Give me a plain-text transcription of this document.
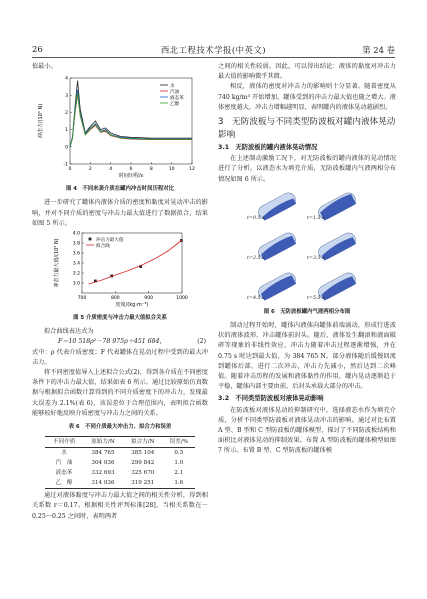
26	西北工程技术学报(中英文)	第 24 卷

值最小。

0	2	4	6	8	10	12
-1
0
1
2
3
4
时间历程/s
冲击力/(10⁵ N)
水
汽油
液态苯
乙醇
图 4　不同来袭介质在罐内冲击时间历程对比

进一步研究了罐体内液体介质的密度和黏度对晃动冲击的影响，并对不同介质的密度与冲击力最大值进行了数据拟合，结果如图 5 所示。

700	800	900	1000
3.0
3.2
3.4
3.6
3.8
4.0
密度/(kg·m⁻³)
冲击力最大值/(10⁵ N)	冲击力最大值
拟合线
图 5 介质密度与冲击力最大值拟合关系

拟合曲线表达式为

F＝10 518ρ²－78 975ρ＋451 684，	(2)

式中：ρ 代表介质密度；F 代表罐体在晃动过程中受到的最大冲击力。

将不同密度值导入上述拟合公式(2)，得到各介质在不同密度条件下的冲击力最大值，结果如表 6 所示。通过比较原始仿真数据与根据拟合函数计算得到的不同介质密度下的冲击力，发现最大误差为 2.1%(表 6)，该误差位于合理范围内，表明拟合函数能够较好地反映介质密度与冲击力之间的关系。

表 6　不同介质最大冲击力、拟合力和误差
不同介质	原始力/N	拟合力/N	误差/%
水	384 765	385 104	0.5
汽　油	304 036	299 842	1.0
液态苯	332 693	325 670	2.1
乙　醇	314 036	319 251	1.6

通过对液体黏度与冲击力最大值之间的相关性分析，得到相关系数 r＝0.17。根据相关性评判标准[28]，当相关系数在－0.25～0.25 之间时，表明两者

之间的相关性较弱。因此，可以得出结论：液体的黏度对冲击力最大值的影响微乎其微。

相反，液体的密度对冲击力的影响则十分显著。随着密度从 740 kg/m³ 开始增加，罐体受到的冲击力最大值也随之增大。液体密度越大，冲击力增幅越明显，表明罐内的液体晃动越剧烈。

3　无防波板与不同类型防波板对罐内液体晃动影响
3.1　无防波板的罐内液体晃动情况

在上述制动激励工况下，对无防波板的罐内液体的晃动情况进行了分析。以液态水为填充介质，无防波板罐内气液两相分布情况如图 6 所示。

t=0.5 s	t=1.5 s
t=2.5 s	t=3.5 s
t=4.5 s	t=5.5 s
图 6　无防波板罐内气液两相分布图

制动过程开始时，罐体内液体向罐体前端涌动，形成行进波状的液体波形，冲击罐体前封头。随后，液体发生翻滚和液面破碎等现象的非线性效应，冲击力随着冲击过程逐渐增强，并在 0.75 s 时达到最大值，为 384 765 N。部分液体随后缓慢回流到罐体后部，进行二次冲击，冲击力先减小，然后达到二次峰值。随着冲击历程的发展和液体黏性的作用，罐内晃动逐渐趋于平稳，罐体内部主要由前、后封头承载大部分的冲击。

3.2　不同类型防波板对液体晃动影响

在防波板对液体晃动的抑制研究中，选择液态水作为填充介质，分析不同类型防波板对液体晃动冲击的影响。通过对比布置 A 型、B 型和 C 型防波板的罐体模型，探讨了不同防波板结构和面积比对液体晃动的抑制效果。布置 A 型防波板的罐体模型如图 7 所示。布置 B 型、C 型防波板的罐体模
